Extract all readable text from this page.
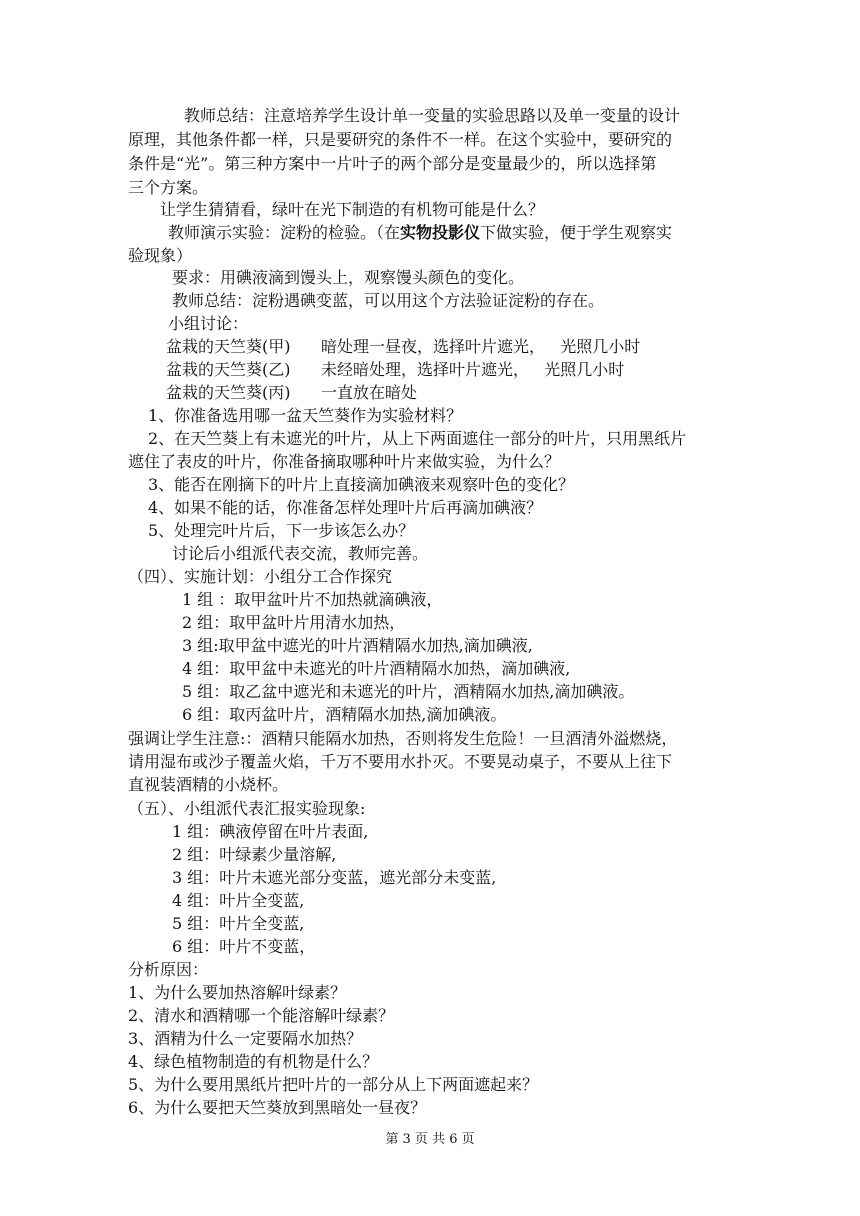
教师总结：注意培养学生设计单一变量的实验思路以及单一变量的设计
原理，其他条件都一样，只是要研究的条件不一样。在这个实验中，要研究的
条件是“光”。第三种方案中一片叶子的两个部分是变量最少的，所以选择第
三个方案。
让学生猜猜看，绿叶在光下制造的有机物可能是什么？
教师演示实验：淀粉的检验。（在实物投影仪下做实验，便于学生观察实
验现象）
要求：用碘液滴到馒头上，观察馒头颜色的变化。
教师总结：淀粉遇碘变蓝，可以用这个方法验证淀粉的存在。
小组讨论：
盆栽的天竺葵(甲)      暗处理一昼夜，选择叶片遮光，   光照几小时
盆栽的天竺葵(乙)      未经暗处理，选择叶片遮光，   光照几小时
盆栽的天竺葵(丙)      一直放在暗处
1、你准备选用哪一盆天竺葵作为实验材料？
2、在天竺葵上有未遮光的叶片，从上下两面遮住一部分的叶片，只用黑纸片
遮住了表皮的叶片，你准备摘取哪种叶片来做实验，为什么？
3、能否在刚摘下的叶片上直接滴加碘液来观察叶色的变化？
4、如果不能的话，你准备怎样处理叶片后再滴加碘液？
5、处理完叶片后，下一步该怎么办？
讨论后小组派代表交流，教师完善。
（四）、实施计划：小组分工合作探究
1 组 ：取甲盆叶片不加热就滴碘液，
2 组：取甲盆叶片用清水加热，
3 组:取甲盆中遮光的叶片酒精隔水加热,滴加碘液,
4 组：取甲盆中未遮光的叶片酒精隔水加热，滴加碘液,
5 组：取乙盆中遮光和未遮光的叶片，酒精隔水加热,滴加碘液。
6 组：取丙盆叶片，酒精隔水加热,滴加碘液。
强调让学生注意:：酒精只能隔水加热，否则将发生危险！一旦酒清外溢燃烧，
请用湿布或沙子覆盖火焰，千万不要用水扑灭。不要晃动桌子，不要从上往下
直视装酒精的小烧杯。
（五）、小组派代表汇报实验现象:
1 组：碘液停留在叶片表面,
2 组：叶绿素少量溶解,
3 组：叶片未遮光部分变蓝，遮光部分未变蓝,
4 组：叶片全变蓝,
5 组：叶片全变蓝,
6 组：叶片不变蓝，
分析原因：
1、为什么要加热溶解叶绿素？
2、清水和酒精哪一个能溶解叶绿素？
3、酒精为什么一定要隔水加热？
4、绿色植物制造的有机物是什么？
5、为什么要用黑纸片把叶片的一部分从上下两面遮起来？
6、为什么要把天竺葵放到黑暗处一昼夜？
第 3 页 共 6 页
